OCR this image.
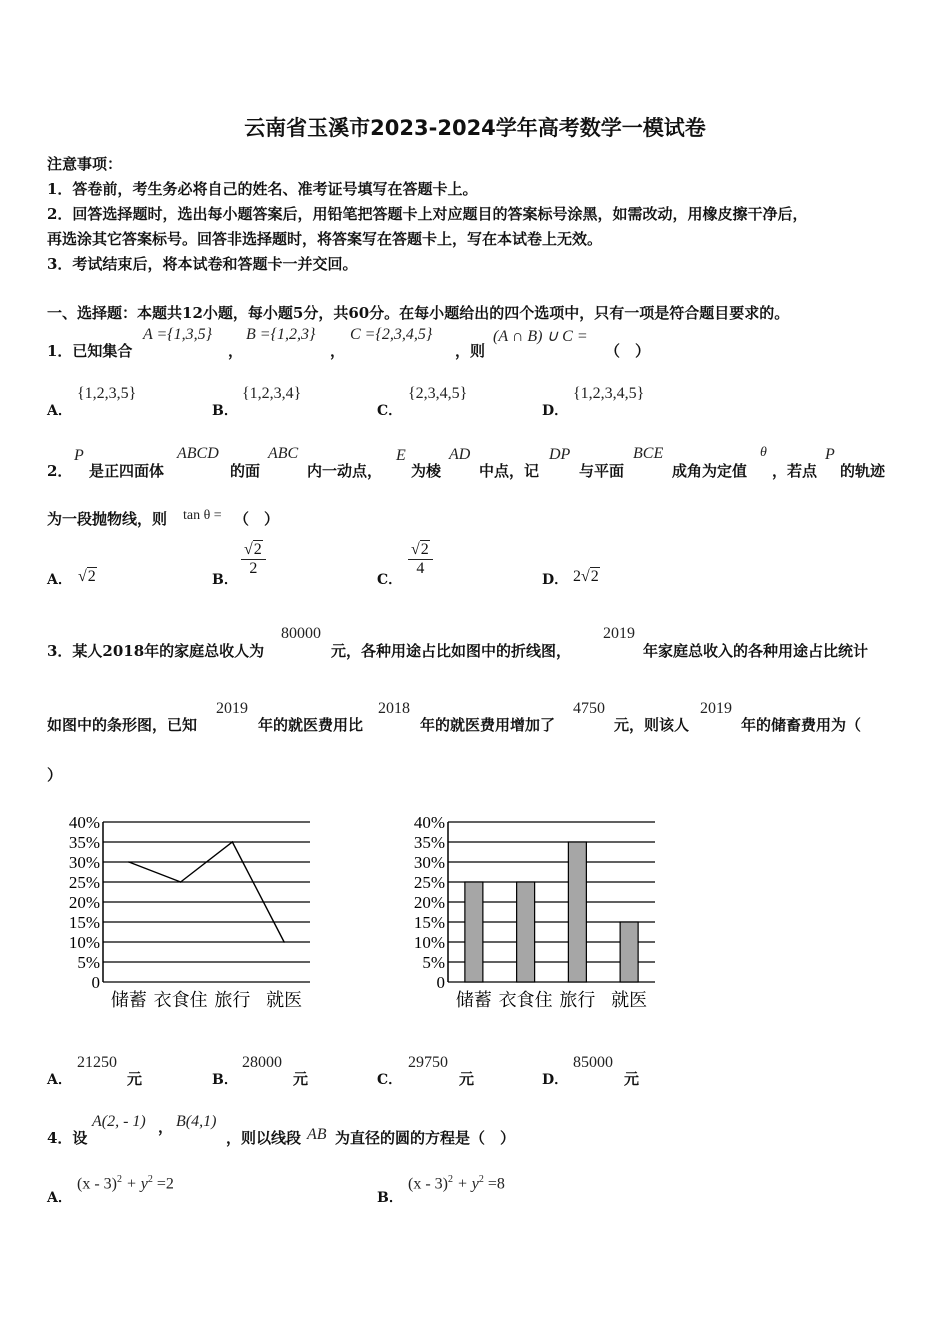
云南省玉溪市2023-2024学年高考数学一模试卷
注意事项：
1．答卷前，考生务必将自己的姓名、准考证号填写在答题卡上。
2．回答选择题时，选出每小题答案后，用铅笔把答题卡上对应题目的答案标号涂黑，如需改动，用橡皮擦干净后，
再选涂其它答案标号。回答非选择题时，将答案写在答题卡上，写在本试卷上无效。
3．考试结束后，将本试卷和答题卡一并交回。
一、选择题：本题共12小题，每小题5分，共60分。在每小题给出的四个选项中，只有一项是符合题目要求的。
1．已知集合
A ={1,3,5}
，
B ={1,2,3}
，
C ={2,3,4,5}
，则
(A ∩ B) ∪ C =
（　）
A．
{1,2,3,5}
B．
{1,2,3,4}
C．
{2,3,4,5}
D．
{1,2,3,4,5}
2．
P
是正四面体
ABCD
的面
ABC
内一动点，
E
为棱
AD
中点，记
DP
与平面
BCE
成角为定值
θ
，若点
P
的轨迹
为一段抛物线，则 tan θ = （　）
A． √2	B．
$\frac{√2}{2}$
C．
$\frac{√2}{4}$
D． 2√2
3．某人2018年的家庭总收人为
80000
元，各种用途占比如图中的折线图，
2019
年家庭总收入的各种用途占比统计
如图中的条形图，已知
2019
年的就医费用比
2018
年的就医费用增加了
4750
元，则该人
2019
年的储畜费用为（
）
0
5%
10%
15%
20%
25%
30%
35%
40%
储蓄 衣食住 旅行 就医
0
5%
10%
15%
20%
25%
30%
35%
40%
储蓄 衣食住 旅行 就医
A．
21250
元	B．
28000
元	C．
29750
元	D．
85000
元
4．设
A(2, - 1) ， B(4,1)
，则以线段 AB 为直径的圆的方程是（　）
A．
$(x - 3)^2 + y^2 =2$
B．
$(x - 3)^2 + y^2 =8$
